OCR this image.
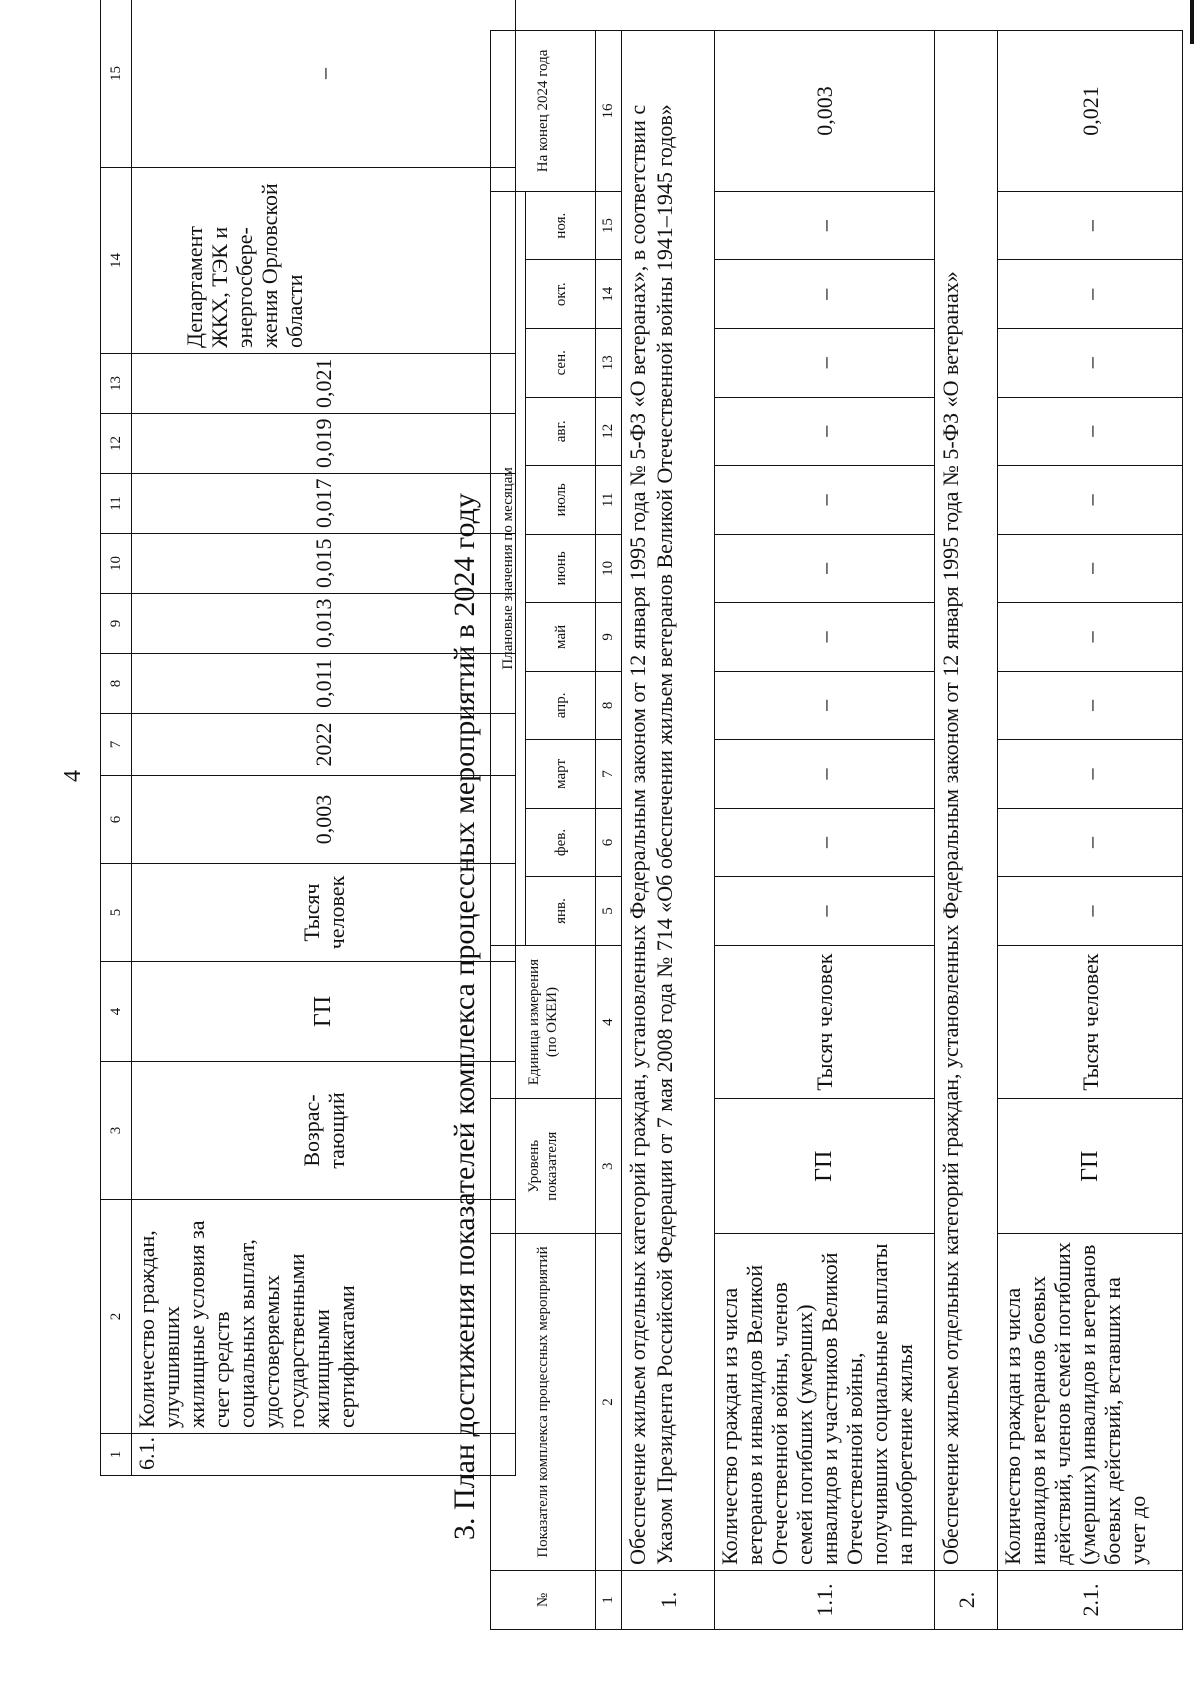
4
1	2	3	4	5	6	7	8	9	10	11	12	13	14	15
6.1.	Количество граждан, улучшивших жилищные условия за счет средств социальных выплат, удостоверяемых государственными жилищными сертификатами	Возрас-тающий	ГП	Тысяч человек	0,003	2022	0,011	0,013	0,015	0,017	0,019	0,021	Департамент ЖКХ, ТЭК и энергосбере-жения Орловской области	–
3. План достижения показателей комплекса процессных мероприятий в 2024 году
№	Показатели комплекса процессных мероприятий	Уровень показателя	Единица измерения (по ОКЕИ)	Плановые значения по месяцам											На конец 2024 года
				янв.	фев.	март	апр.	май	июнь	июль	авг.	сен.	окт.	ноя.	
1	2	3	4	5	6	7	8	9	10	11	12	13	14	15	16
1.	Обеспечение жильем отдельных категорий граждан, установленных Федеральным законом от 12 января 1995 года № 5-ФЗ «О ветеранах», в соответствии с Указом Президента Российской Федерации от 7 мая 2008 года № 714 «Об обеспечении жильем ветеранов Великой Отечественной войны 1941–1945 годов»														
1.1.	Количество граждан из числа ветеранов и инвалидов Великой Отечественной войны, членов семей погибших (умерших) инвалидов и участников Великой Отечественной войны, получивших социальные выплаты на приобретение жилья	ГП	Тысяч человек	–	–	–	–	–	–	–	–	–	–	–	0,003
2.	Обеспечение жильем отдельных категорий граждан, установленных Федеральным законом от 12 января 1995 года № 5-ФЗ «О ветеранах»														
2.1.	Количество граждан из числа инвалидов и ветеранов боевых действий, членов семей погибших (умерших) инвалидов и ветеранов боевых действий, вставших на учет до	ГП	Тысяч человек	–	–	–	–	–	–	–	–	–	–	–	0,021
